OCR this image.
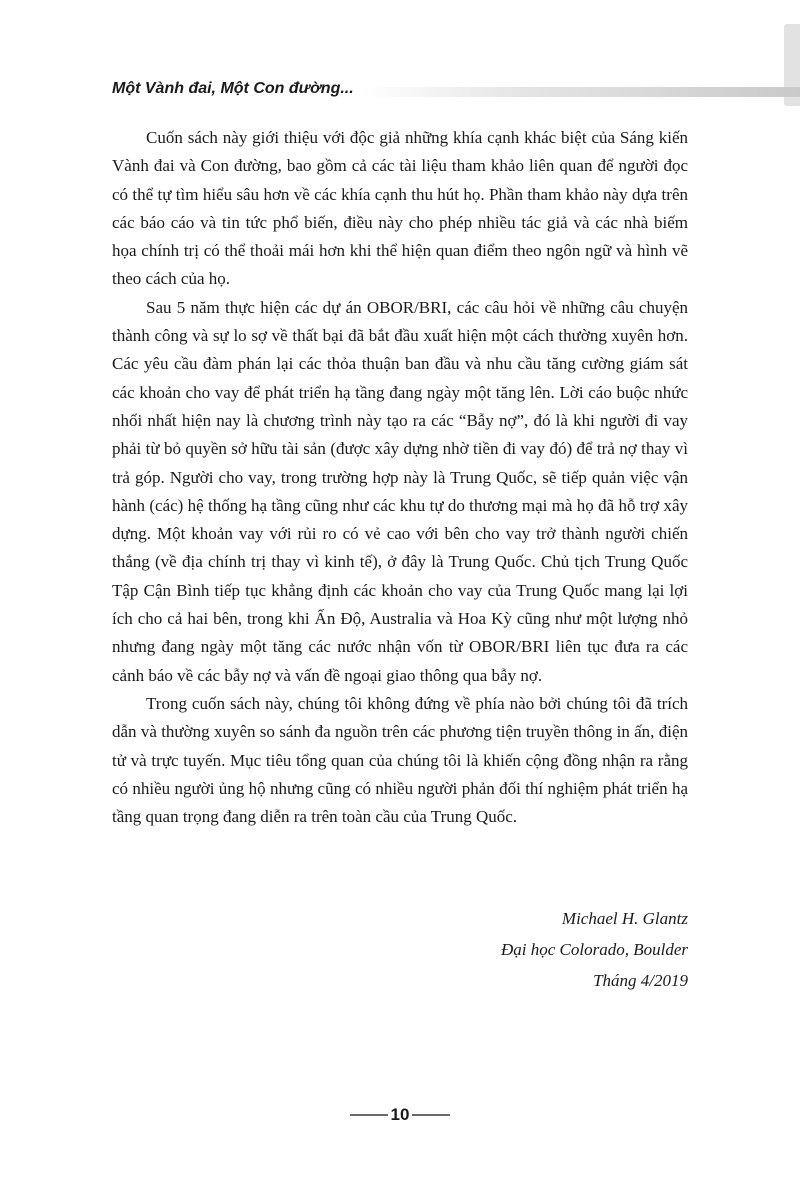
Một Vành đai, Một Con đường...

Cuốn sách này giới thiệu với độc giả những khía cạnh khác biệt của Sáng kiến Vành đai và Con đường, bao gồm cả các tài liệu tham khảo liên quan để người đọc có thể tự tìm hiểu sâu hơn về các khía cạnh thu hút họ. Phần tham khảo này dựa trên các báo cáo và tin tức phổ biến, điều này cho phép nhiều tác giả và các nhà biếm họa chính trị có thể thoải mái hơn khi thể hiện quan điểm theo ngôn ngữ và hình vẽ theo cách của họ.

Sau 5 năm thực hiện các dự án OBOR/BRI, các câu hỏi về những câu chuyện thành công và sự lo sợ về thất bại đã bắt đầu xuất hiện một cách thường xuyên hơn. Các yêu cầu đàm phán lại các thỏa thuận ban đầu và nhu cầu tăng cường giám sát các khoản cho vay để phát triển hạ tầng đang ngày một tăng lên. Lời cáo buộc nhức nhối nhất hiện nay là chương trình này tạo ra các “Bẫy nợ”, đó là khi người đi vay phải từ bỏ quyền sở hữu tài sản (được xây dựng nhờ tiền đi vay đó) để trả nợ thay vì trả góp. Người cho vay, trong trường hợp này là Trung Quốc, sẽ tiếp quản việc vận hành (các) hệ thống hạ tầng cũng như các khu tự do thương mại mà họ đã hỗ trợ xây dựng. Một khoản vay với rủi ro có vẻ cao với bên cho vay trở thành người chiến thắng (về địa chính trị thay vì kinh tế), ở đây là Trung Quốc. Chủ tịch Trung Quốc Tập Cận Bình tiếp tục khẳng định các khoản cho vay của Trung Quốc mang lại lợi ích cho cả hai bên, trong khi Ấn Độ, Australia và Hoa Kỳ cũng như một lượng nhỏ nhưng đang ngày một tăng các nước nhận vốn từ OBOR/BRI liên tục đưa ra các cảnh báo về các bẫy nợ và vấn đề ngoại giao thông qua bẫy nợ.

Trong cuốn sách này, chúng tôi không đứng về phía nào bởi chúng tôi đã trích dẫn và thường xuyên so sánh đa nguồn trên các phương tiện truyền thông in ấn, điện tử và trực tuyến. Mục tiêu tổng quan của chúng tôi là khiến cộng đồng nhận ra rằng có nhiều người ủng hộ nhưng cũng có nhiều người phản đối thí nghiệm phát triển hạ tầng quan trọng đang diễn ra trên toàn cầu của Trung Quốc.

Michael H. Glantz
Đại học Colorado, Boulder
Tháng 4/2019
10
